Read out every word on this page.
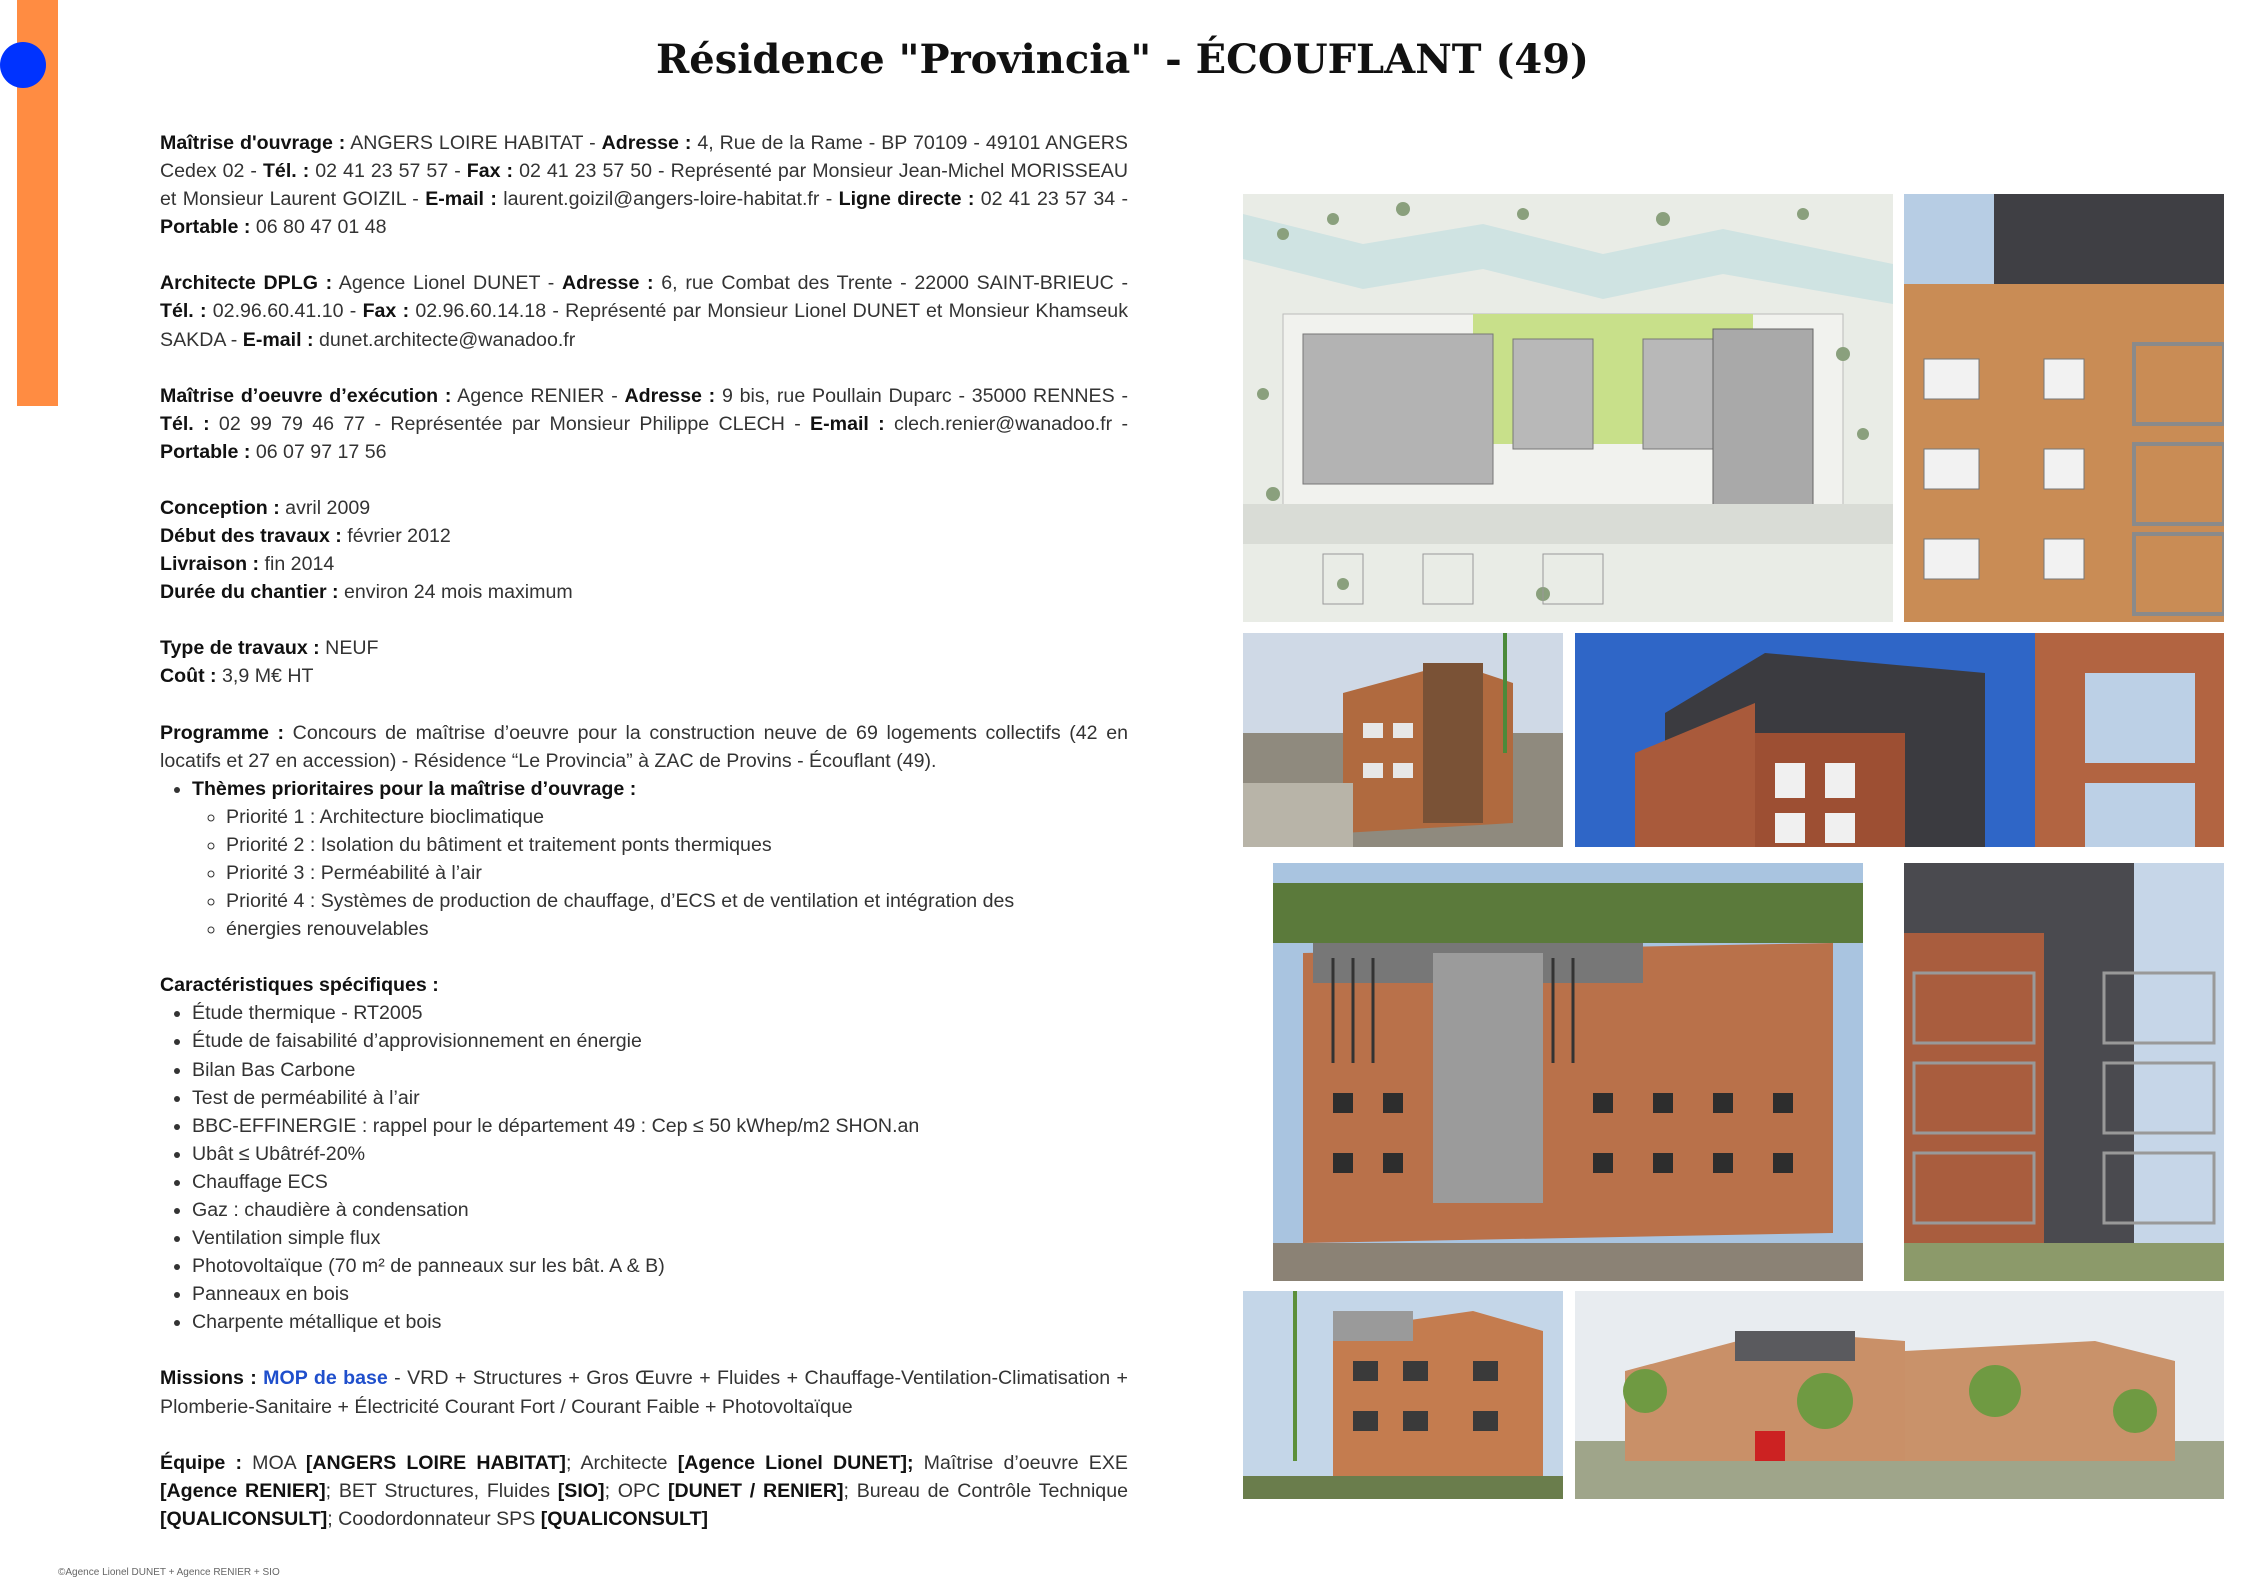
Résidence "Provincia" - ÉCOUFLANT (49)

Maîtrise d'ouvrage : ANGERS LOIRE HABITAT - Adresse : 4, Rue de la Rame - BP 70109 - 49101 ANGERS Cedex 02 - Tél. : 02 41 23 57 57 - Fax : 02 41 23 57 50 - Représenté par Monsieur Jean-Michel MORISSEAU et Monsieur Laurent GOIZIL - E-mail : laurent.goizil@angers-loire-habitat.fr - Ligne directe : 02 41 23 57 34 - Portable : 06 80 47 01 48

Architecte DPLG : Agence Lionel DUNET - Adresse : 6, rue Combat des Trente - 22000 SAINT-BRIEUC - Tél. : 02.96.60.41.10 - Fax : 02.96.60.14.18 - Représenté par Monsieur Lionel DUNET et Monsieur Khamseuk SAKDA - E-mail : dunet.architecte@wanadoo.fr

Maîtrise d’oeuvre d’exécution : Agence RENIER - Adresse : 9 bis, rue Poullain Duparc - 35000 RENNES - Tél. : 02 99 79 46 77 - Représentée par Monsieur Philippe CLECH - E-mail : clech.renier@wanadoo.fr - Portable : 06 07 97 17 56

Conception : avril 2009
Début des travaux : février 2012
Livraison : fin 2014
Durée du chantier : environ 24 mois maximum
Type de travaux : NEUF
Coût : 3,9 M€ HT

Programme : Concours de maîtrise d’oeuvre pour la construction neuve de 69 logements collectifs (42 en locatifs et 27 en accession) - Résidence “Le Provincia” à ZAC de Provins - Écouflant (49).

• Thèmes prioritaires pour la maîtrise d’ouvrage :
◦ Priorité 1 : Architecture bioclimatique
◦ Priorité 2 : Isolation du bâtiment et traitement ponts thermiques
◦ Priorité 3 : Perméabilité à l’air
◦ Priorité 4 : Systèmes de production de chauffage, d’ECS et de ventilation et intégration des
◦ énergies renouvelables
Caractéristiques spécifiques :
• Étude thermique - RT2005
• Étude de faisabilité d’approvisionnement en énergie
• Bilan Bas Carbone
• Test de perméabilité à l’air
• BBC-EFFINERGIE : rappel pour le département 49 : Cep ≤ 50 kWhep/m2 SHON.an
• Ubât ≤ Ubâtréf-20%
• Chauffage ECS
• Gaz : chaudière à condensation
• Ventilation simple flux
• Photovoltaïque (70 m² de panneaux sur les bât. A & B)
• Panneaux en bois
• Charpente métallique et bois

Missions : MOP de base - VRD + Structures + Gros Œuvre + Fluides + Chauffage-Ventilation-Climatisation + Plomberie-Sanitaire + Électricité Courant Fort / Courant Faible + Photovoltaïque

Équipe : MOA [ANGERS LOIRE HABITAT]; Architecte [Agence Lionel DUNET]; Maîtrise d’oeuvre EXE [Agence RENIER]; BET Structures, Fluides [SIO]; OPC [DUNET / RENIER]; Bureau de Contrôle Technique [QUALICONSULT]; Coodordonnateur SPS [QUALICONSULT]

©Agence Lionel DUNET + Agence RENIER + SIO
